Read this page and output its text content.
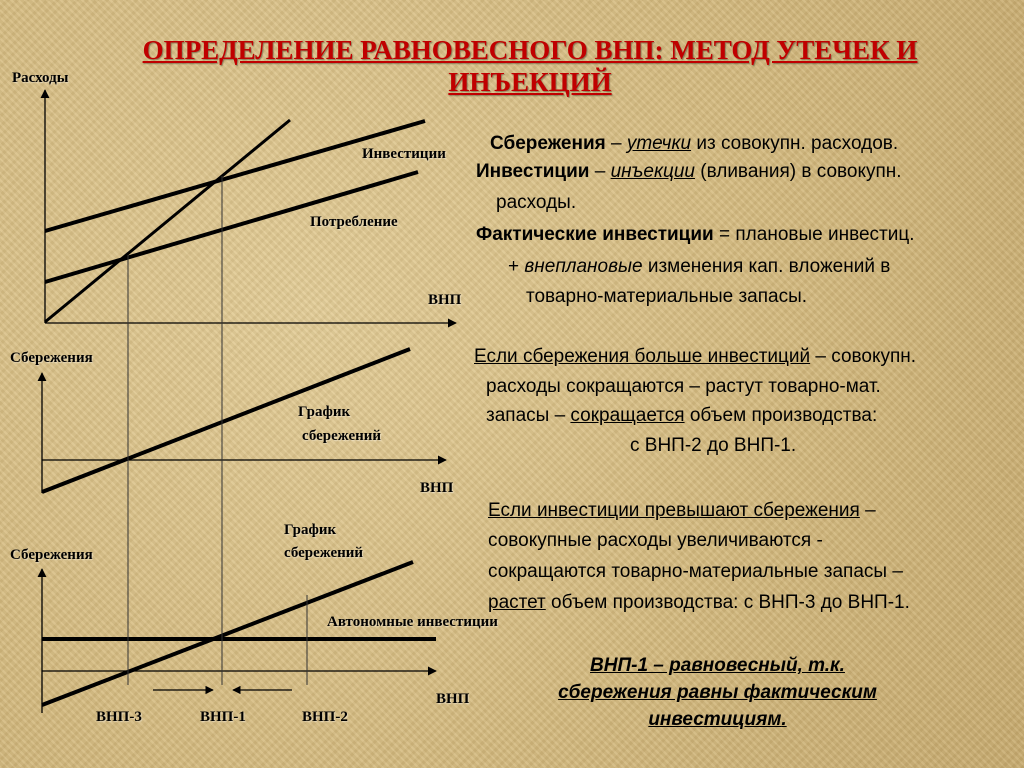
ОПРЕДЕЛЕНИЕ РАВНОВЕСНОГО ВНП: МЕТОД УТЕЧЕК И ИНЪЕКЦИЙ
Расходы
Инвестиции
Потребление
ВНП
Сбережения
График
сбережений
ВНП
График
сбережений
Сбережения
Автономные инвестиции
ВНП
ВНП-3	ВНП-1	ВНП-2
Сбережения – утечки из совокупн. расходов.
Инвестиции – инъекции (вливания) в совокупн.
расходы.
Фактические инвестиции = плановые инвестиц.
+ внеплановые изменения кап. вложений в
товарно-материальные запасы.
Если сбережения больше инвестиций – совокупн.
расходы сокращаются – растут товарно-мат.
запасы – сокращается объем производства:
с ВНП-2 до ВНП-1.
Если инвестиции превышают сбережения –
совокупные расходы увеличиваются -
сокращаются товарно-материальные запасы –
растет объем производства: с ВНП-3 до ВНП-1.
ВНП-1 – равновесный, т.к.
сбережения равны фактическим
инвестициям.
